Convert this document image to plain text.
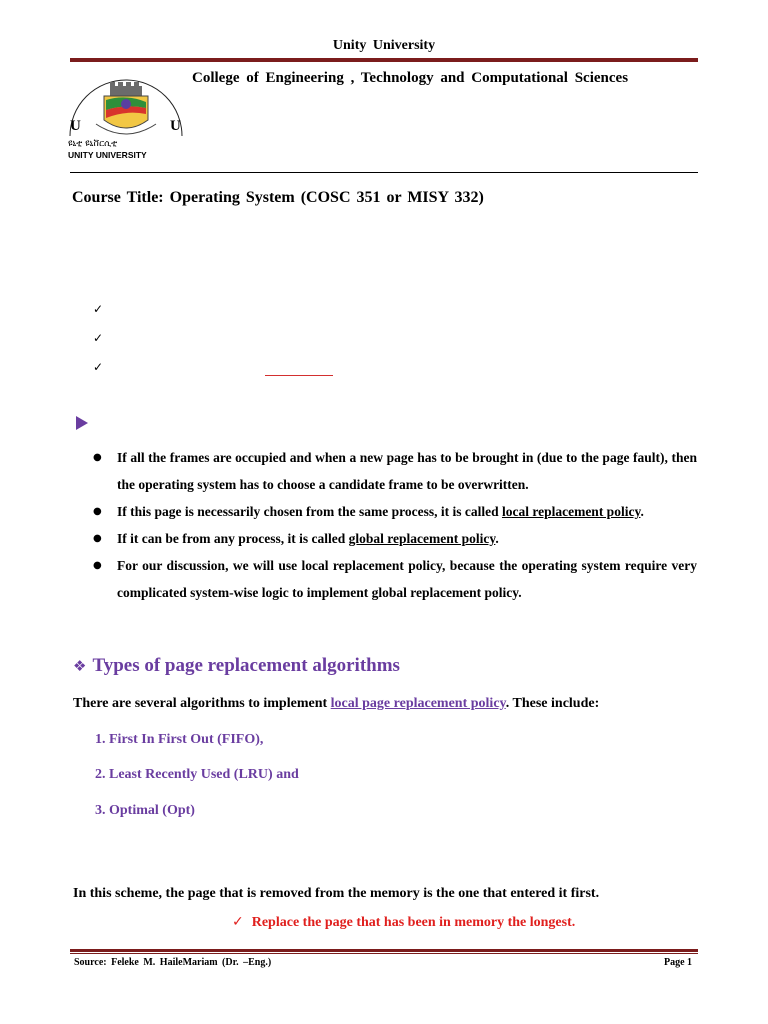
Unity University
U	U
ዩኒቲ ዩኒቨርሲቲ
UNITY UNIVERSITY
College of Engineering , Technology and Computational Sciences
Course Title: Operating System (COSC 351 or MISY 332)
✓
✓
✓
● If all the frames are occupied and when a new page has to be brought in (due to the page fault), then the operating system has to choose a candidate frame to be overwritten.
● If this page is necessarily chosen from the same process, it is called local replacement policy.
● If it can be from any process, it is called global replacement policy.
● For our discussion, we will use local replacement policy, because the operating system require very complicated system-wise logic to implement global replacement policy.
❖ Types of page replacement algorithms
There are several algorithms to implement local page replacement policy. These include:
1. First In First Out (FIFO),
2. Least Recently Used (LRU) and
3. Optimal (Opt)
In this scheme, the page that is removed from the memory is the one that entered it first.
✓ Replace the page that has been in memory the longest.
Source: Feleke M. HaileMariam (Dr. –Eng.)	Page 1
